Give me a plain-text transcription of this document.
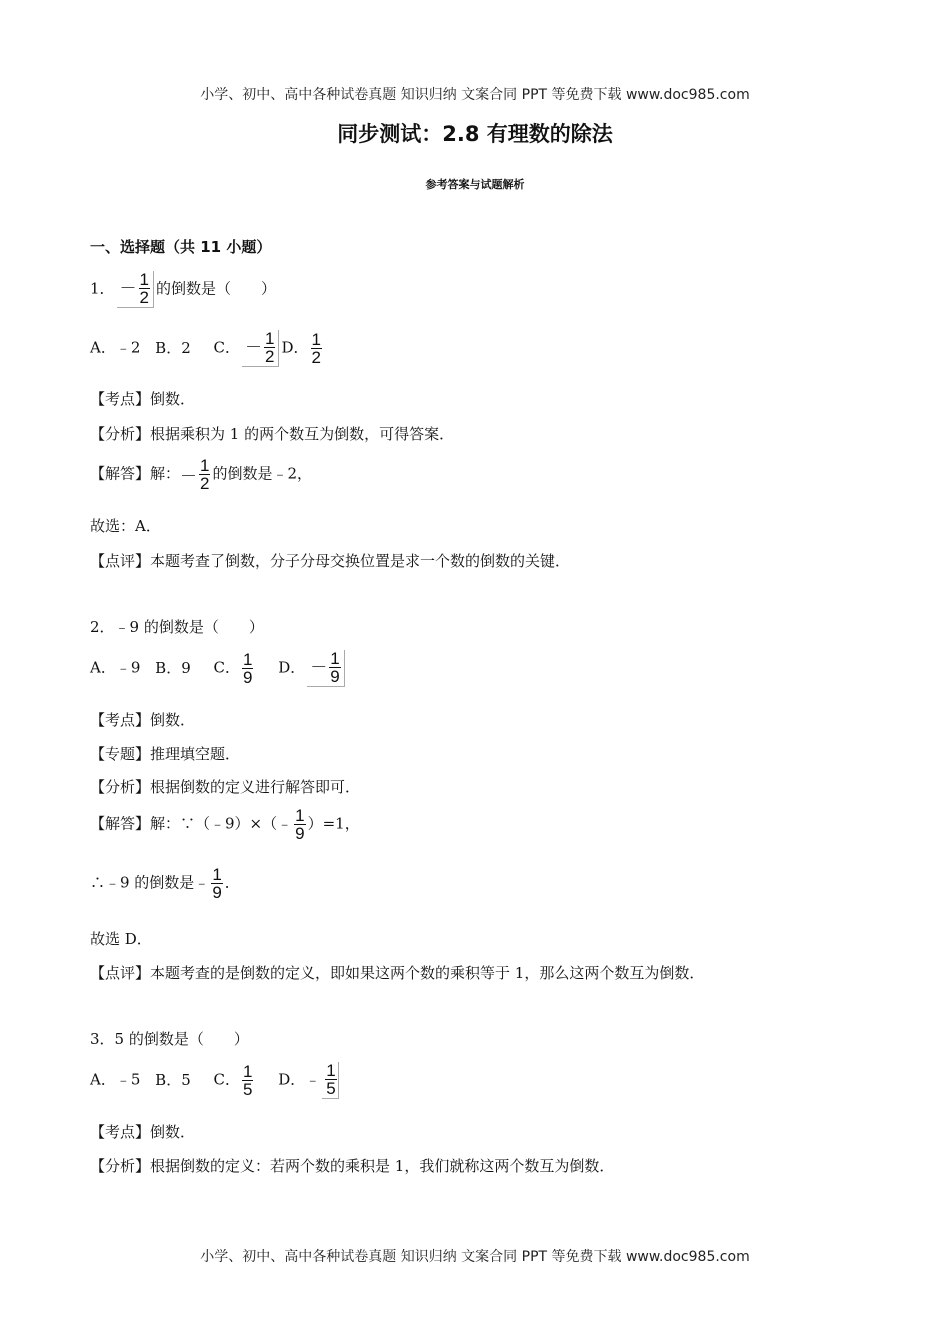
小学、初中、高中各种试卷真题 知识归纳 文案合同 PPT 等免费下载 www.doc985.com
同步测试：2.8 有理数的除法
参考答案与试题解析
一、选择题（共 11 小题）
1． － $\frac{1}{2}$ 的倒数是（　　）
A．﹣2 B．2 C． － $\frac{1}{2}$ D． $\frac{1}{2}$
【考点】倒数．
【分析】根据乘积为 1 的两个数互为倒数，可得答案．
【解答】解：－ $\frac{1}{2}$ 的倒数是﹣2，
故选：A．
【点评】本题考查了倒数，分子分母交换位置是求一个数的倒数的关键．
2．﹣9 的倒数是（　　）
A．﹣9 B．9 C． $\frac{1}{9}$ D． － $\frac{1}{9}$
【考点】倒数．
【专题】推理填空题．
【分析】根据倒数的定义进行解答即可．
【解答】解：∵（﹣9）×（﹣ $\frac{1}{9} )=1$，
∴﹣9 的倒数是﹣ $\frac{1}{9}$ ．
故选 D．
【点评】本题考查的是倒数的定义，即如果这两个数的乘积等于 1，那么这两个数互为倒数．
3．5 的倒数是（　　）
A．﹣5 B．5 C． $\frac{1}{5}$ D．﹣ $\frac{1}{5}$
【考点】倒数．
【分析】根据倒数的定义：若两个数的乘积是 1，我们就称这两个数互为倒数．
小学、初中、高中各种试卷真题 知识归纳 文案合同 PPT 等免费下载 www.doc985.com
